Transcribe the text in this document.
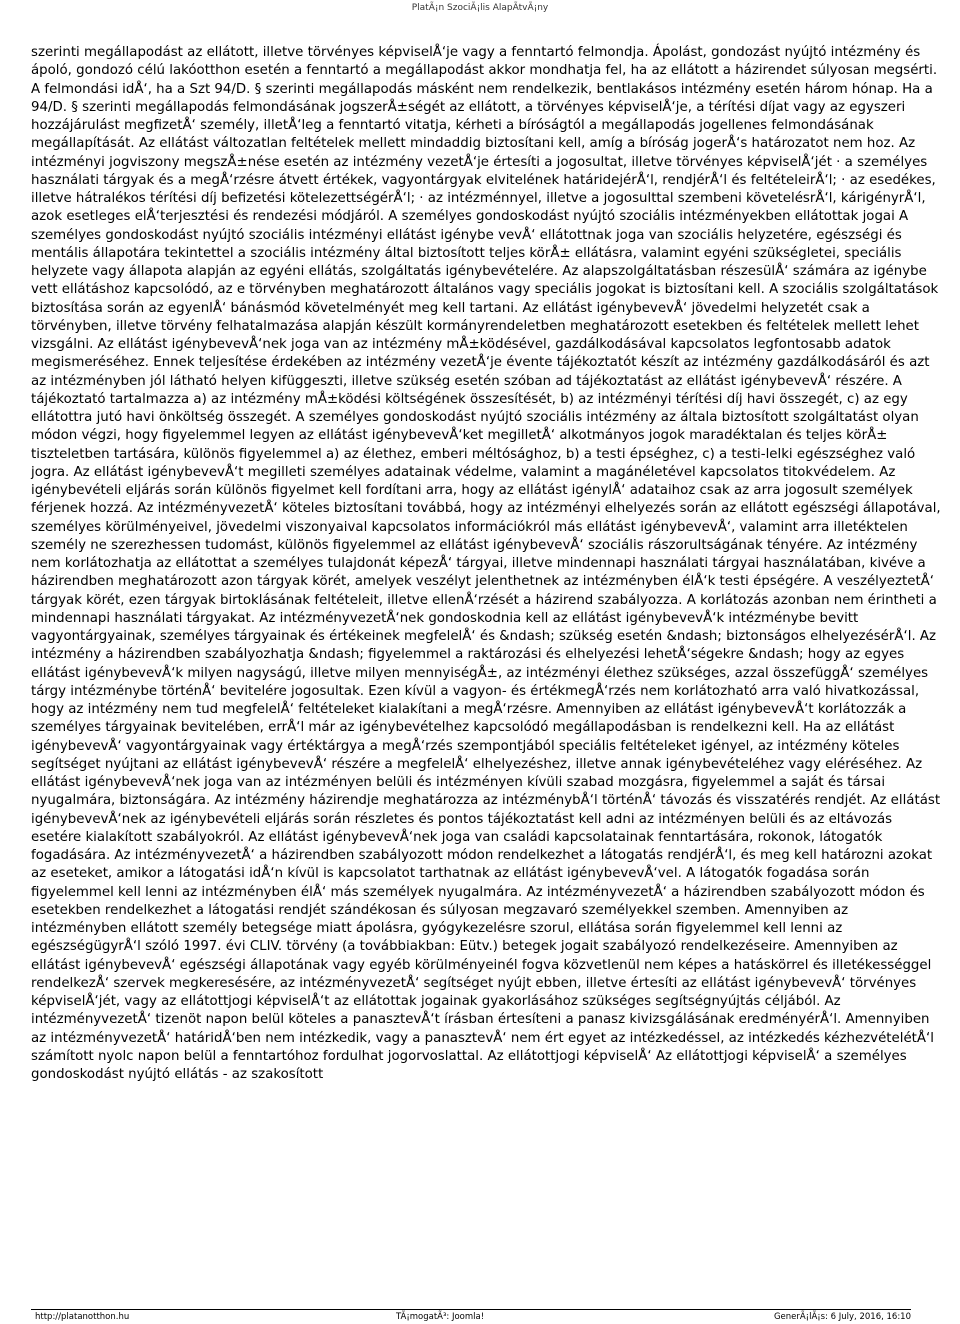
PlatÃ¡n SzociÃ¡lis AlapÃtvÃ¡ny

szerinti megállapodást az ellátott, illetve törvényes képviselÅ‘je vagy a fenntartó felmondja. Ápolást, gondozást nyújtó intézmény és ápoló, gondozó célú lakóotthon esetén a fenntartó a megállapodást akkor mondhatja fel, ha az ellátott a házirendet súlyosan megsérti. A felmondási idÅ‘, ha a Szt 94/D. § szerinti megállapodás másként nem rendelkezik, bentlakásos intézmény esetén három hónap. Ha a 94/D. § szerinti megállapodás felmondásának jogszerÅ±ségét az ellátott, a törvényes képviselÅ‘je, a térítési díjat vagy az egyszeri hozzájárulást megfizetÅ‘ személy, illetÅ‘leg a fenntartó vitatja, kérheti a bíróságtól a megállapodás jogellenes felmondásának megállapítását. Az ellátást változatlan feltételek mellett mindaddig biztosítani kell, amíg a bíróság jogerÅ‘s határozatot nem hoz. Az intézményi jogviszony megszÅ±nése esetén az intézmény vezetÅ‘je értesíti a jogosultat, illetve törvényes képviselÅ‘jét · a személyes használati tárgyak és a megÅ‘rzésre átvett értékek, vagyontárgyak elvitelének határidejérÅ‘l, rendjérÅ‘l és feltételeirÅ‘l; · az esedékes, illetve hátralékos térítési díj befizetési kötelezettségérÅ‘l; · az intézménnyel, illetve a jogosulttal szembeni követelésrÅ‘l, kárigényrÅ‘l, azok esetleges elÅ‘terjesztési és rendezési módjáról. A személyes gondoskodást nyújtó szociális intézményekben ellátottak jogai A személyes gondoskodást nyújtó szociális intézményi ellátást igénybe vevÅ‘ ellátottnak joga van szociális helyzetére, egészségi és mentális állapotára tekintettel a szociális intézmény által biztosított teljes körÅ± ellátásra, valamint egyéni szükségletei, speciális helyzete vagy állapota alapján az egyéni ellátás, szolgáltatás igénybevételére. Az alapszolgáltatásban részesülÅ‘ számára az igénybe vett ellátáshoz kapcsolódó, az e törvényben meghatározott általános vagy speciális jogokat is biztosítani kell. A szociális szolgáltatások biztosítása során az egyenlÅ‘ bánásmód követelményét meg kell tartani. Az ellátást igénybevevÅ‘ jövedelmi helyzetét csak a törvényben, illetve törvény felhatalmazása alapján készült kormányrendeletben meghatározott esetekben és feltételek mellett lehet vizsgálni. Az ellátást igénybevevÅ‘nek joga van az intézmény mÅ±ködésével, gazdálkodásával kapcsolatos legfontosabb adatok megismeréséhez. Ennek teljesítése érdekében az intézmény vezetÅ‘je évente tájékoztatót készít az intézmény gazdálkodásáról és azt az intézményben jól látható helyen kifüggeszti, illetve szükség esetén szóban ad tájékoztatást az ellátást igénybevevÅ‘ részére. A tájékoztató tartalmazza a) az intézmény mÅ±ködési költségének összesítését, b) az intézményi térítési díj havi összegét, c) az egy ellátottra jutó havi önköltség összegét. A személyes gondoskodást nyújtó szociális intézmény az általa biztosított szolgáltatást olyan módon végzi, hogy figyelemmel legyen az ellátást igénybevevÅ‘ket megilletÅ‘ alkotmányos jogok maradéktalan és teljes körÅ± tiszteletben tartására, különös figyelemmel a) az élethez, emberi méltósághoz, b) a testi épséghez, c) a testi-lelki egészséghez való jogra. Az ellátást igénybevevÅ‘t megilleti személyes adatainak védelme, valamint a magánéletével kapcsolatos titokvédelem. Az igénybevételi eljárás során különös figyelmet kell fordítani arra, hogy az ellátást igénylÅ‘ adataihoz csak az arra jogosult személyek férjenek hozzá. Az intézményvezetÅ‘ köteles biztosítani továbbá, hogy az intézményi elhelyezés során az ellátott egészségi állapotával, személyes körülményeivel, jövedelmi viszonyaival kapcsolatos információkról más ellátást igénybevevÅ‘, valamint arra illetéktelen személy ne szerezhessen tudomást, különös figyelemmel az ellátást igénybevevÅ‘ szociális rászorultságának tényére. Az intézmény nem korlátozhatja az ellátottat a személyes tulajdonát képezÅ‘ tárgyai, illetve mindennapi használati tárgyai használatában, kivéve a házirendben meghatározott azon tárgyak körét, amelyek veszélyt jelenthetnek az intézményben élÅ‘k testi épségére. A veszélyeztetÅ‘ tárgyak körét, ezen tárgyak birtoklásának feltételeit, illetve ellenÅ‘rzését a házirend szabályozza. A korlátozás azonban nem érintheti a mindennapi használati tárgyakat. Az intézményvezetÅ‘nek gondoskodnia kell az ellátást igénybevevÅ‘k intézménybe bevitt vagyontárgyainak, személyes tárgyainak és értékeinek megfelelÅ‘ és &ndash; szükség esetén &ndash; biztonságos elhelyezésérÅ‘l. Az intézmény a házirendben szabályozhatja &ndash; figyelemmel a raktározási és elhelyezési lehetÅ‘ségekre &ndash; hogy az egyes ellátást igénybevevÅ‘k milyen nagyságú, illetve milyen mennyiségÅ±, az intézményi élethez szükséges, azzal összefüggÅ‘ személyes tárgy intézménybe történÅ‘ bevitelére jogosultak. Ezen kívül a vagyon- és értékmegÅ‘rzés nem korlátozható arra való hivatkozással, hogy az intézmény nem tud megfelelÅ‘ feltételeket kialakítani a megÅ‘rzésre. Amennyiben az ellátást igénybevevÅ‘t korlátozzák a személyes tárgyainak bevitelében, errÅ‘l már az igénybevételhez kapcsolódó megállapodásban is rendelkezni kell. Ha az ellátást igénybevevÅ‘ vagyontárgyainak vagy értéktárgya a megÅ‘rzés szempontjából speciális feltételeket igényel, az intézmény köteles segítséget nyújtani az ellátást igénybevevÅ‘ részére a megfelelÅ‘ elhelyezéshez, illetve annak igénybevételéhez vagy eléréséhez. Az ellátást igénybevevÅ‘nek joga van az intézményen belüli és intézményen kívüli szabad mozgásra, figyelemmel a saját és társai nyugalmára, biztonságára. Az intézmény házirendje meghatározza az intézménybÅ‘l történÅ‘ távozás és visszatérés rendjét. Az ellátást igénybevevÅ‘nek az igénybevételi eljárás során részletes és pontos tájékoztatást kell adni az intézményen belüli és az eltávozás esetére kialakított szabályokról. Az ellátást igénybevevÅ‘nek joga van családi kapcsolatainak fenntartására, rokonok, látogatók fogadására. Az intézményvezetÅ‘ a házirendben szabályozott módon rendelkezhet a látogatás rendjérÅ‘l, és meg kell határozni azokat az eseteket, amikor a látogatási idÅ‘n kívül is kapcsolatot tarthatnak az ellátást igénybevevÅ‘vel. A látogatók fogadása során figyelemmel kell lenni az intézményben élÅ‘ más személyek nyugalmára. Az intézményvezetÅ‘ a házirendben szabályozott módon és esetekben rendelkezhet a látogatási rendjét szándékosan és súlyosan megzavaró személyekkel szemben. Amennyiben az intézményben ellátott személy betegsége miatt ápolásra, gyógykezelésre szorul, ellátása során figyelemmel kell lenni az egészségügyrÅ‘l szóló 1997. évi CLIV. törvény (a továbbiakban: Eütv.) betegek jogait szabályozó rendelkezéseire. Amennyiben az ellátást igénybevevÅ‘ egészségi állapotának vagy egyéb körülményeinél fogva közvetlenül nem képes a hatáskörrel és illetékességgel rendelkezÅ‘ szervek megkeresésére, az intézményvezetÅ‘ segítséget nyújt ebben, illetve értesíti az ellátást igénybevevÅ‘ törvényes képviselÅ‘jét, vagy az ellátottjogi képviselÅ‘t az ellátottak jogainak gyakorlásához szükséges segítségnyújtás céljából. Az intézményvezetÅ‘ tizenöt napon belül köteles a panasztevÅ‘t írásban értesíteni a panasz kivizsgálásának eredményérÅ‘l. Amennyiben az intézményvezetÅ‘ határidÅ‘ben nem intézkedik, vagy a panasztevÅ‘ nem ért egyet az intézkedéssel, az intézkedés kézhezvételétÅ‘l számított nyolc napon belül a fenntartóhoz fordulhat jogorvoslattal. Az ellátottjogi képviselÅ‘ Az ellátottjogi képviselÅ‘ a személyes gondoskodást nyújtó ellátás - az szakosított

http://platanotthon.hu	TÃ¡mogatÃ³: Joomla!	GenerÃ¡lÃ¡s: 6 July, 2016, 16:10
